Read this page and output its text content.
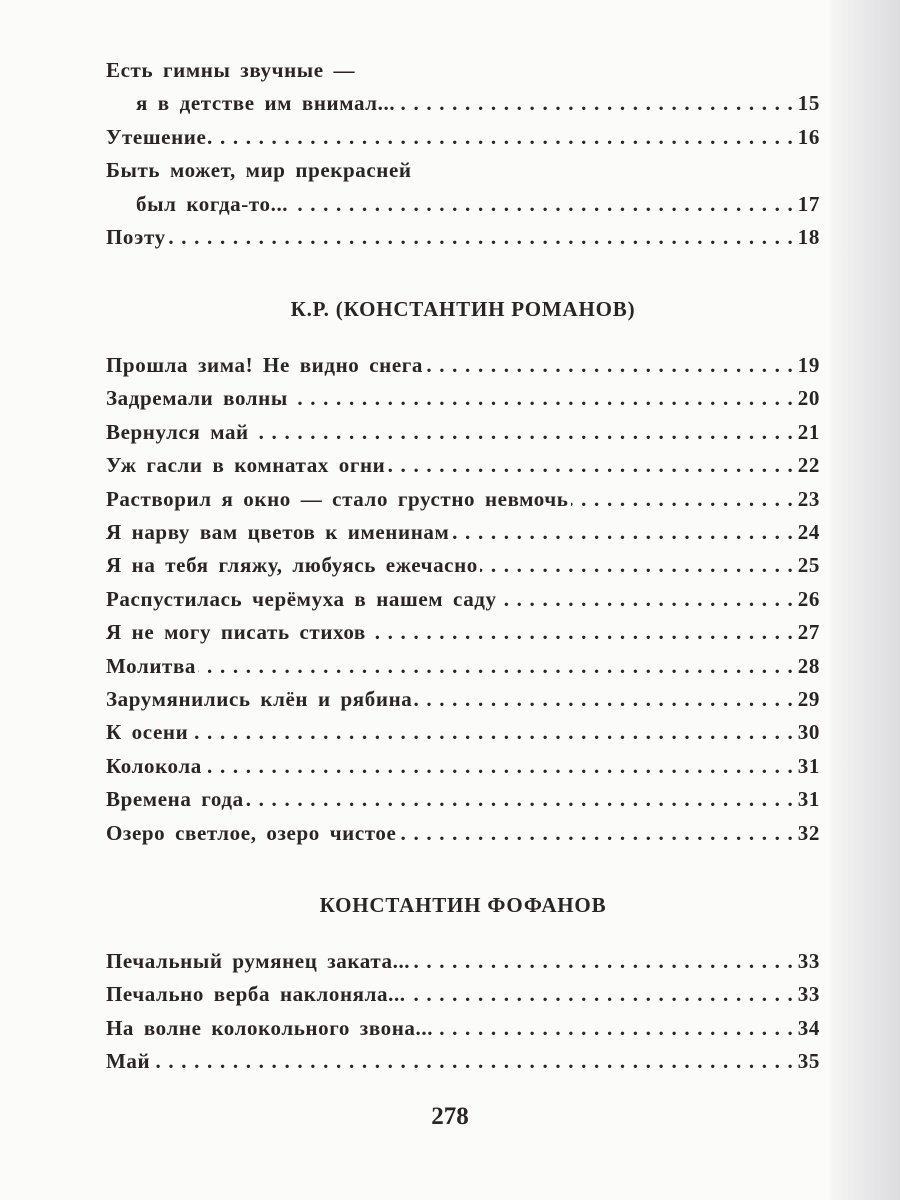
Есть гимны звучные —
я в детстве им внимал... . . .	15
Утешение . . .	16
Быть может, мир прекрасней
был когда-то... . . .	17
Поэту . . .	18
Прошла зима! Не видно снега . . .	19
Задремали волны . . .	20
Вернулся май . . .	21
Уж гасли в комнатах огни . . .	22
Растворил я окно — стало грустно невмочь . . .	23
Я нарву вам цветов к именинам . . .	24
Я на тебя гляжу, любуясь ежечасно . . .	25
Распустилась черёмуха в нашем саду . . .	26
Я не могу писать стихов . . .	27
Молитва . . .	28
Зарумянились клён и рябина . . .	29
К осени . . .	30
Колокола . . .	31
Времена года . . .	31
Озеро светлое, озеро чистое . . .	32
Печальный румянец заката... . . .	33
Печально верба наклоняла... . . .	33
На волне колокольного звона... . . .	34
Май . . .	35
К.Р. (КОНСТАНТИН РОМАНОВ)
КОНСТАНТИН ФОФАНОВ
278
